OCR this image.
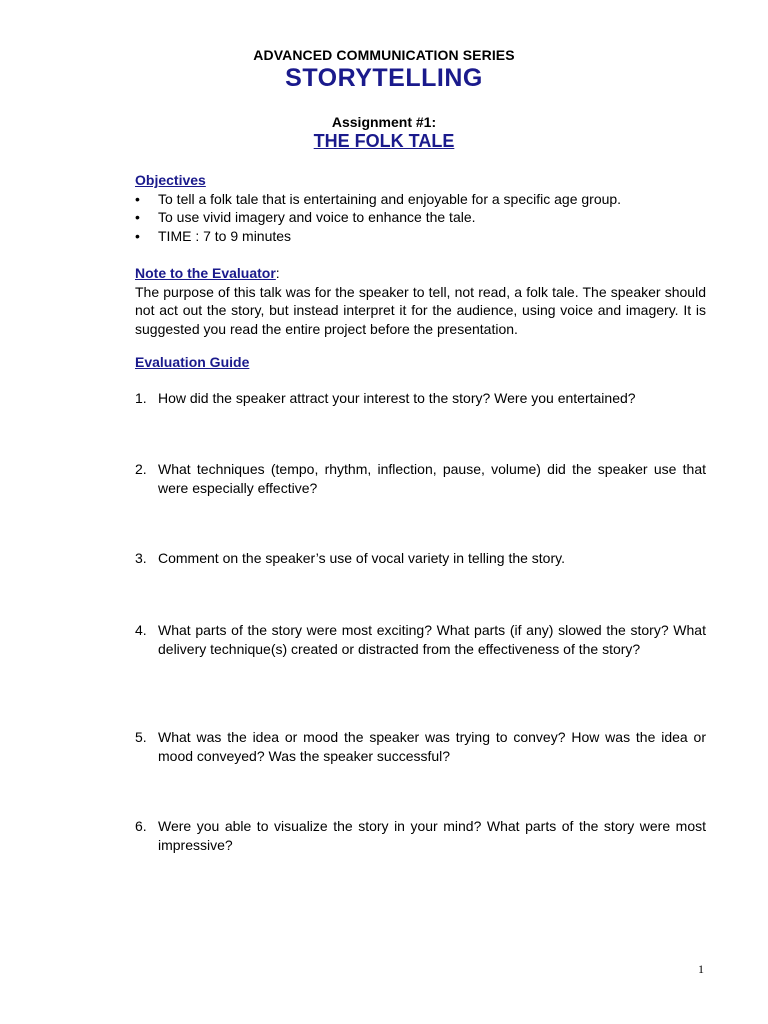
ADVANCED COMMUNICATION SERIES
STORYTELLING
Assignment #1:
THE FOLK TALE
Objectives
• To tell a folk tale that is entertaining and enjoyable for a specific age group.
• To use vivid imagery and voice to enhance the tale.
• TIME : 7 to 9 minutes
Note to the Evaluator:
The purpose of this talk was for the speaker to tell, not read, a folk tale. The speaker should not act out the story, but instead interpret it for the audience, using voice and imagery. It is suggested you read the entire project before the presentation.
Evaluation Guide
1. How did the speaker attract your interest to the story? Were you entertained?
2. What techniques (tempo, rhythm, inflection, pause, volume) did the speaker use that were especially effective?
3. Comment on the speaker’s use of vocal variety in telling the story.
4. What parts of the story were most exciting? What parts (if any) slowed the story? What delivery technique(s) created or distracted from the effectiveness of the story?
5. What was the idea or mood the speaker was trying to convey? How was the idea or mood conveyed? Was the speaker successful?
6. Were you able to visualize the story in your mind? What parts of the story were most impressive?
1
